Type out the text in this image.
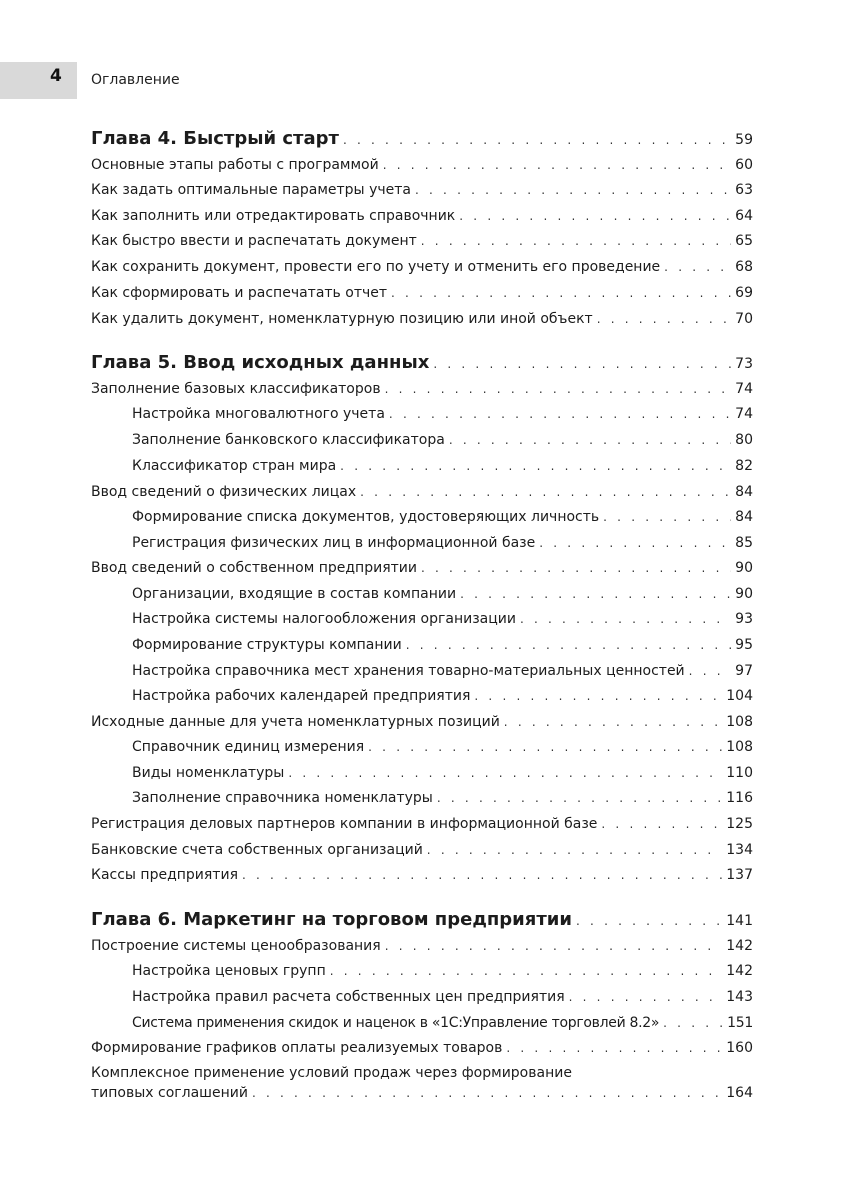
4	Оглавление
Глава 4. Быстрый старт . . .	59
Основные этапы работы с программой . . .	60
Как задать оптимальные параметры учета . . .	63
Как заполнить или отредактировать справочник . . .	64
Как быстро ввести и распечатать документ . . .	65
Как сохранить документ, провести его по учету и отменить его проведение . . .	68
Как сформировать и распечатать отчет . . .	69
Как удалить документ, номенклатурную позицию или иной объект . . .	70
Глава 5. Ввод исходных данных . . .	73
Заполнение базовых классификаторов . . .	74
Настройка многовалютного учета . . .	74
Заполнение банковского классификатора . . .	80
Классификатор стран мира . . .	82
Ввод сведений о физических лицах . . .	84
Формирование списка документов, удостоверяющих личность . . .	84
Регистрация физических лиц в информационной базе . . .	85
Ввод сведений о собственном предприятии . . .	90
Организации, входящие в состав компании . . .	90
Настройка системы налогообложения организации . . .	93
Формирование структуры компании . . .	95
Настройка справочника мест хранения товарно-материальных ценностей . . .	97
Настройка рабочих календарей предприятия . . .	104
Исходные данные для учета номенклатурных позиций . . .	108
Справочник единиц измерения . . .	108
Виды номенклатуры . . .	110
Заполнение справочника номенклатуры . . .	116
Регистрация деловых партнеров компании в информационной базе . . .	125
Банковские счета собственных организаций . . .	134
Кассы предприятия . . .	137
Глава 6. Маркетинг на торговом предприятии . . .	141
Построение системы ценообразования . . .	142
Настройка ценовых групп . . .	142
Настройка правил расчета собственных цен предприятия . . .	143
Система применения скидок и наценок в «1С:Управление торговлей 8.2» . . .	151
Формирование графиков оплаты реализуемых товаров . . .	160
Комплексное применение условий продаж через формирование
типовых соглашений . . .	164
